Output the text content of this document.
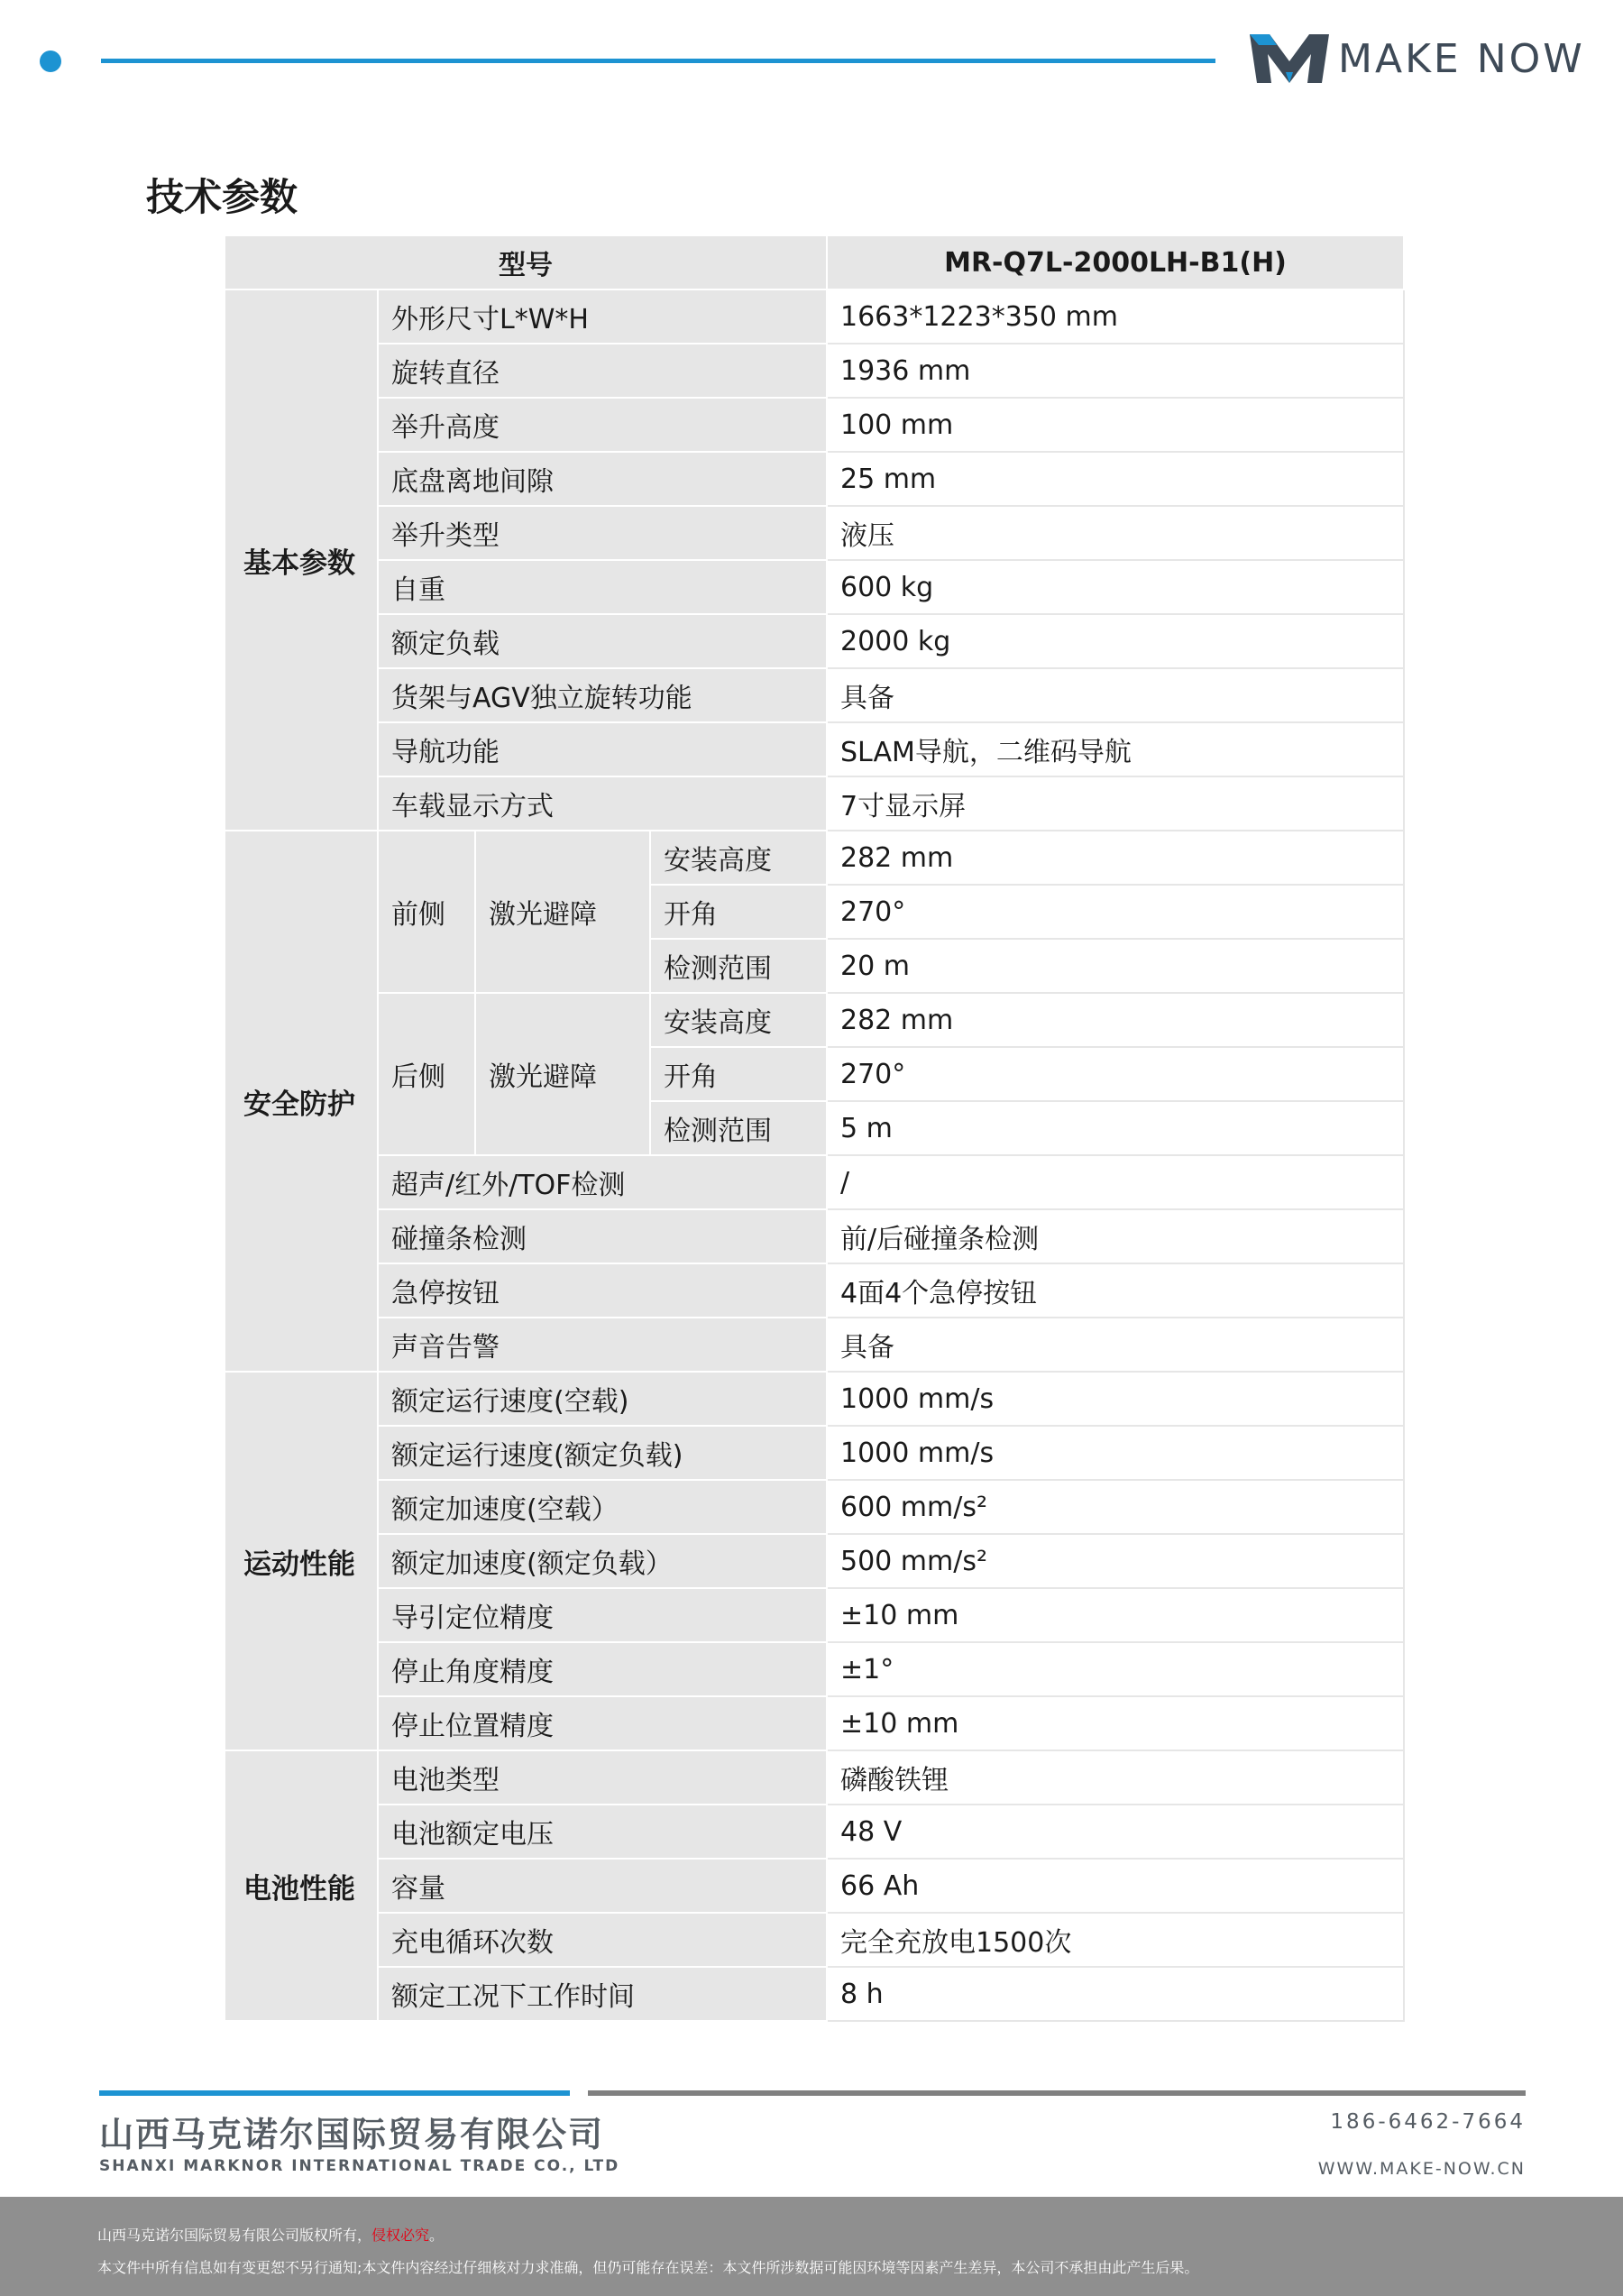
MAKE NOW
技术参数
型号				MR-Q7L-2000LH-B1(H)
基本参数	外形尺寸L*W*H			1663*1223*350 mm
	旋转直径			1936 mm
	举升高度			100 mm
	底盘离地间隙			25 mm
	举升类型			液压
	自重			600 kg
	额定负载			2000 kg
	货架与AGV独立旋转功能			具备
	导航功能			SLAM导航，二维码导航
	车载显示方式			7寸显示屏
安全防护	前侧	激光避障	安装高度	282 mm
			开角	270°
			检测范围	20 m
	后侧	激光避障	安装高度	282 mm
			开角	270°
			检测范围	5 m
	超声/红外/TOF检测			/
	碰撞条检测			前/后碰撞条检测
	急停按钮			4面4个急停按钮
	声音告警			具备
运动性能	额定运行速度(空载)			1000 mm/s
	额定运行速度(额定负载)			1000 mm/s
	额定加速度(空载）			600 mm/s²
	额定加速度(额定负载）			500 mm/s²
	导引定位精度			±10 mm
	停止角度精度			±1°
	停止位置精度			±10 mm
电池性能	电池类型			磷酸铁锂
	电池额定电压			48 V
	容量			66 Ah
	充电循环次数			完全充放电1500次
	额定工况下工作时间			8 h
山西马克诺尔国际贸易有限公司
SHANXI MARKNOR INTERNATIONAL TRADE CO., LTD
186-6462-7664
WWW.MAKE-NOW.CN
山西马克诺尔国际贸易有限公司版权所有，侵权必究。
本文件中所有信息如有变更恕不另行通知;本文件内容经过仔细核对力求准确，但仍可能存在误差：本文件所涉数据可能因环境等因素产生差异，本公司不承担由此产生后果。
